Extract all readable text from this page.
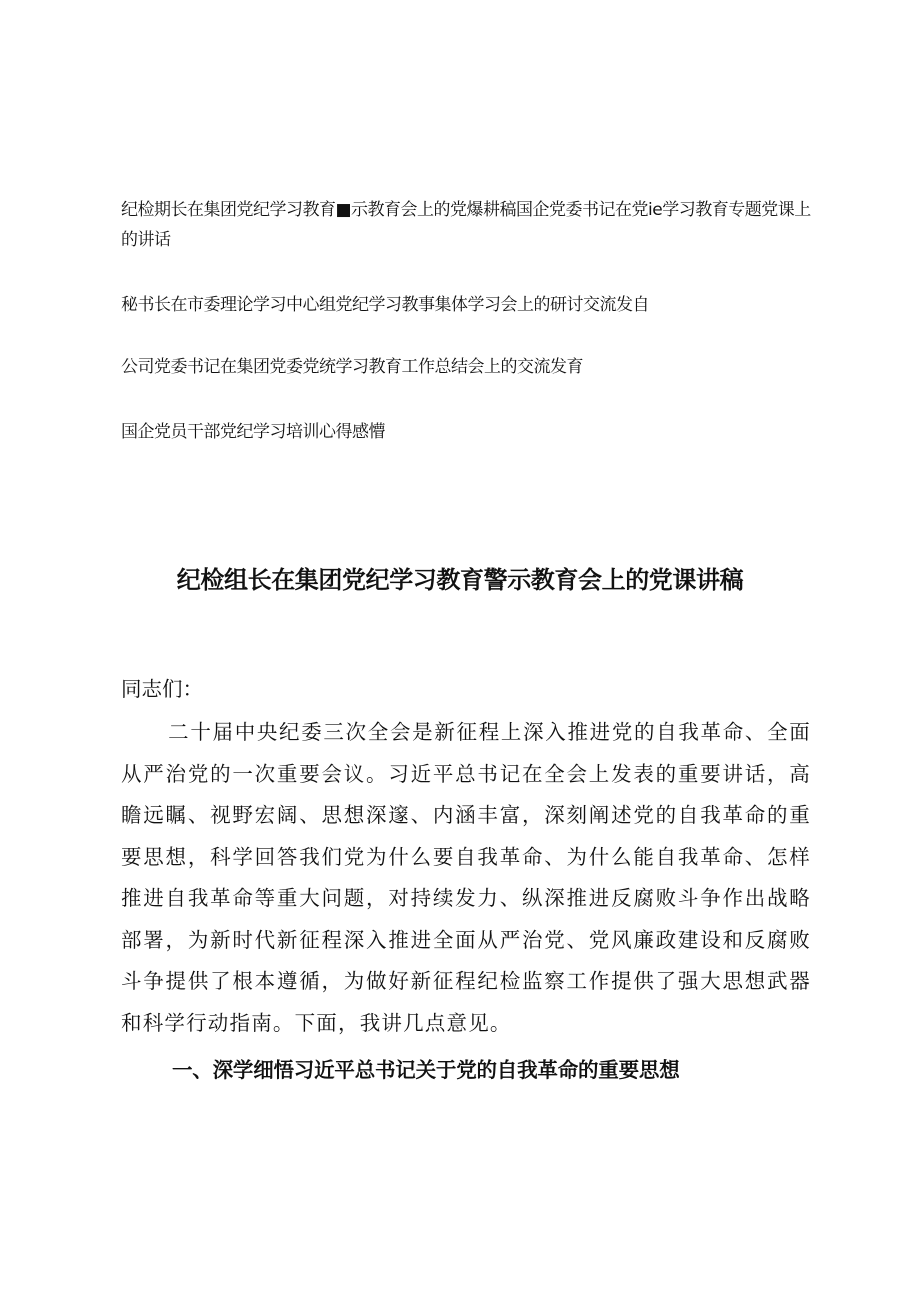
纪检期长在集团党纪学习教育■示教育会上的党爆耕稿国企党委书记在党ie学习教育专题党课上的讲话

秘书长在市委理论学习中心组党纪学习教事集体学习会上的研讨交流发自

公司党委书记在集团党委党统学习教育工作总结会上的交流发育

国企党员干部党纪学习培训心得感懵

纪检组长在集团党纪学习教育警示教育会上的党课讲稿

同志们：

二十届中央纪委三次全会是新征程上深入推进党的自我革命、全面从严治党的一次重要会议。习近平总书记在全会上发表的重要讲话，高瞻远瞩、视野宏阔、思想深邃、内涵丰富，深刻阐述党的自我革命的重要思想，科学回答我们党为什么要自我革命、为什么能自我革命、怎样推进自我革命等重大问题，对持续发力、纵深推进反腐败斗争作出战略部署，为新时代新征程深入推进全面从严治党、党风廉政建设和反腐败斗争提供了根本遵循，为做好新征程纪检监察工作提供了强大思想武器和科学行动指南。下面，我讲几点意见。

一、深学细悟习近平总书记关于党的自我革命的重要思想
